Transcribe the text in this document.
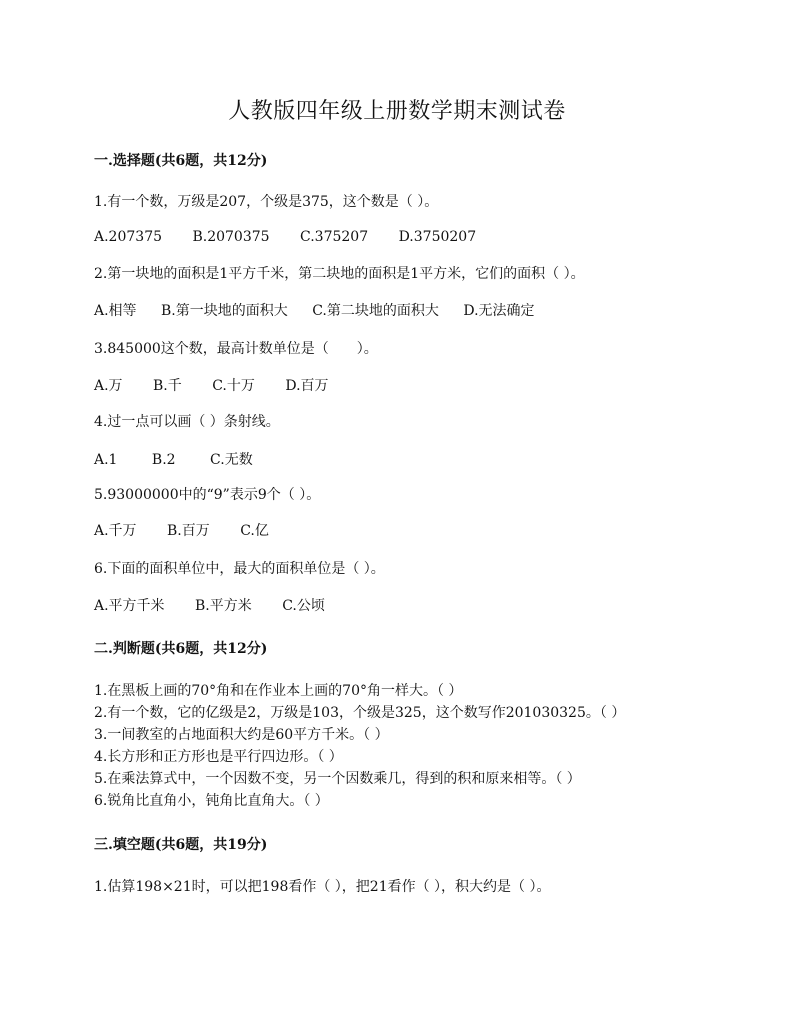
人教版四年级上册数学期末测试卷
一.选择题(共6题，共12分)
1.有一个数，万级是207，个级是375，这个数是（ ）。
A.207375 B.2070375 C.375207 D.3750207
2.第一块地的面积是1平方千米，第二块地的面积是1平方米，它们的面积（ ）。
A.相等 B.第一块地的面积大 C.第二块地的面积大 D.无法确定
3.845000这个数，最高计数单位是（　　）。
A.万 B.千 C.十万 D.百万
4.过一点可以画（ ）条射线。
A.1 B.2 C.无数
5.93000000中的“9”表示9个（ ）。
A.千万 B.百万 C.亿
6.下面的面积单位中，最大的面积单位是（ ）。
A.平方千米 B.平方米 C.公顷
二.判断题(共6题，共12分)
1.在黑板上画的70°角和在作业本上画的70°角一样大。（ ）
2.有一个数，它的亿级是2，万级是103，个级是325，这个数写作201030325。（ ）
3.一间教室的占地面积大约是60平方千米。（ ）
4.长方形和正方形也是平行四边形。（ ）
5.在乘法算式中，一个因数不变，另一个因数乘几，得到的积和原来相等。（ ）
6.锐角比直角小，钝角比直角大。（ ）
三.填空题(共6题，共19分)
1.估算198×21时，可以把198看作（ ），把21看作（ ），积大约是（ ）。
